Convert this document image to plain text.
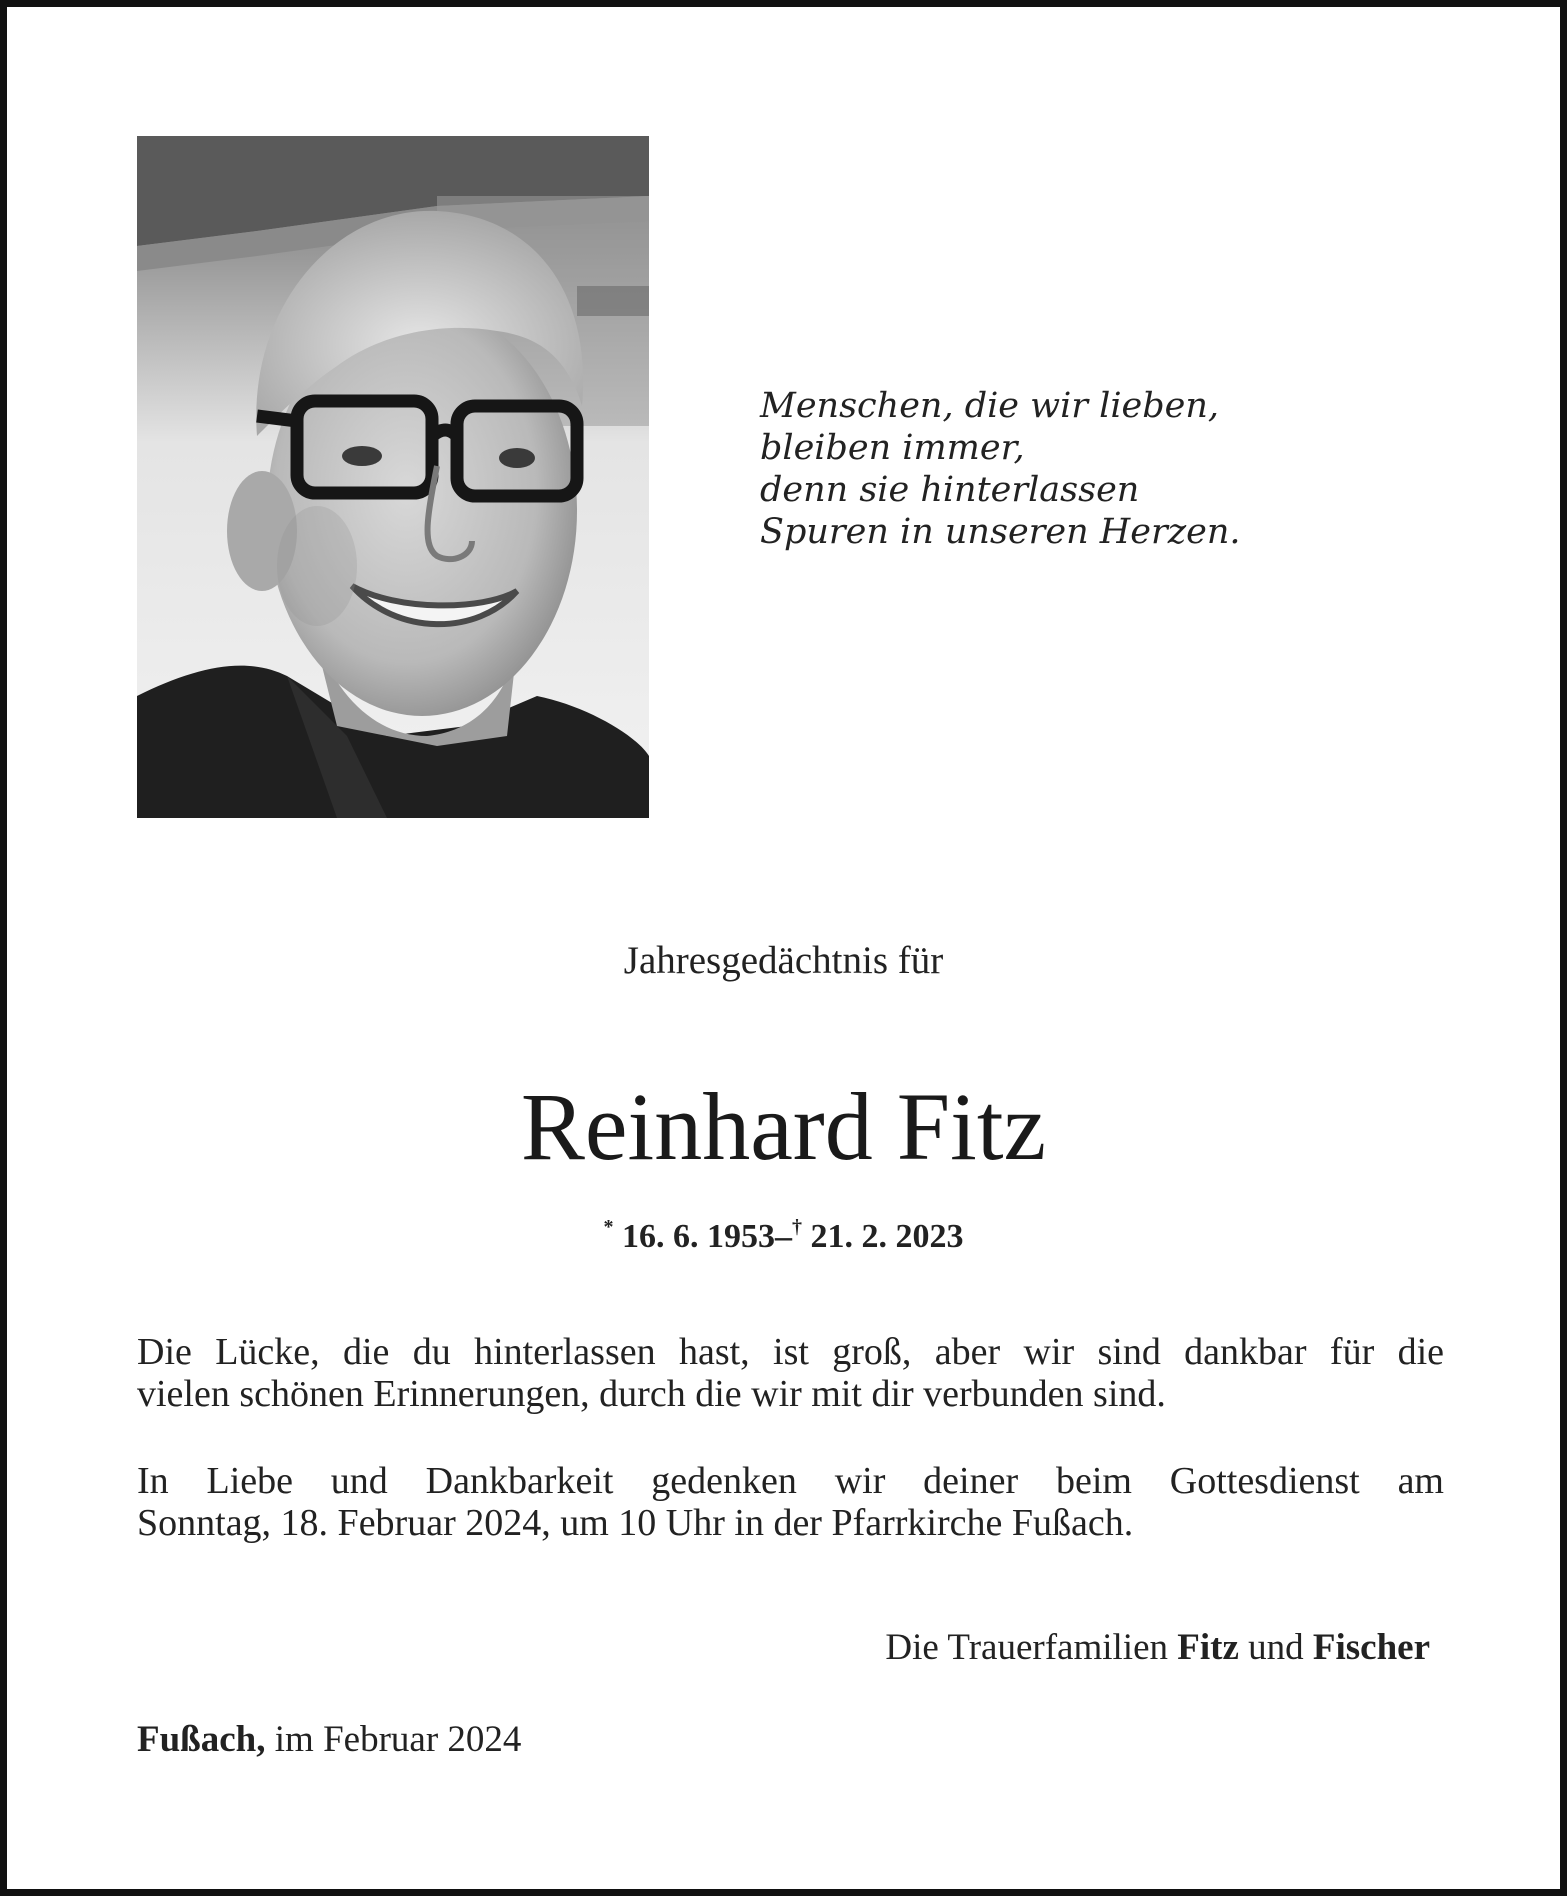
Menschen, die wir lieben,
bleiben immer,
denn sie hinterlassen
Spuren in unseren Herzen.
Jahresgedächtnis für
Reinhard Fitz
* 16. 6. 1953–† 21. 2. 2023
Die Lücke, die du hinterlassen hast, ist groß, aber wir sind dankbar für die
vielen schönen Erinnerungen, durch die wir mit dir verbunden sind.
In Liebe und Dankbarkeit gedenken wir deiner beim Gottesdienst am
Sonntag, 18. Februar 2024, um 10 Uhr in der Pfarrkirche Fußach.
Die Trauerfamilien Fitz und Fischer
Fußach, im Februar 2024
